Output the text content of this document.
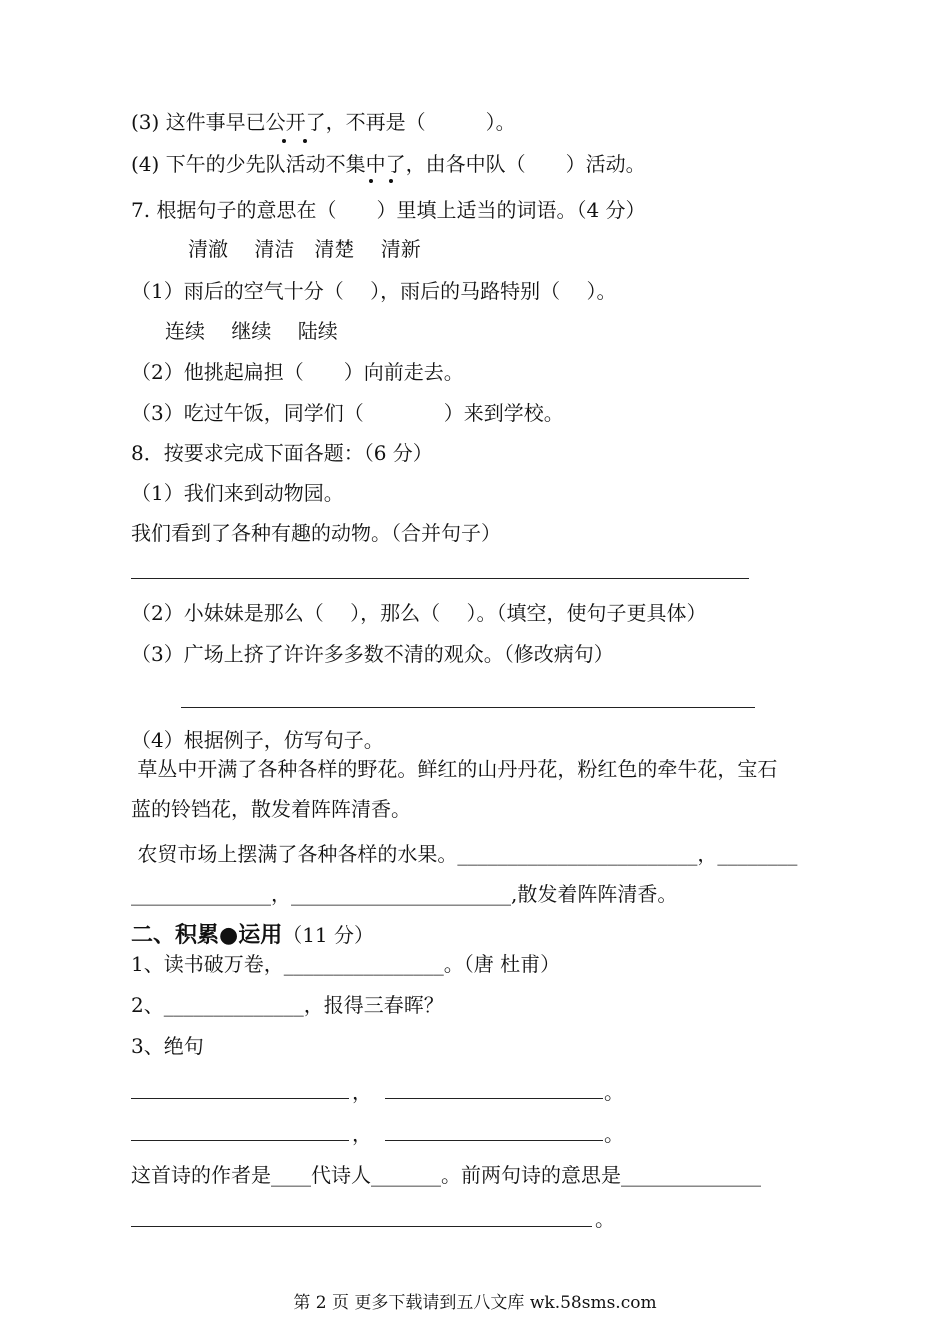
(3) 这件事早已公开了，不再是（　　　）。
(4) 下午的少先队活动不集中了，由各中队（　　）活动。
7. 根据句子的意思在（　　）里填上适当的词语。（4 分）
清澈　 清洁　清楚　 清新
（1）雨后的空气十分（　 ），雨后的马路特别（　 ）。
连续　 继续　 陆续
（2）他挑起扁担（　　）向前走去。
（3）吃过午饭，同学们（　　　　）来到学校。
8．按要求完成下面各题：（6 分）
（1）我们来到动物园。
我们看到了各种有趣的动物。（合并句子）
（2）小妹妹是那么（　 ），那么（　 ）。（填空，使句子更具体）
（3）广场上挤了许许多多数不清的观众。（修改病句）
（4）根据例子，仿写句子。
草丛中开满了各种各样的野花。鲜红的山丹丹花，粉红色的牵牛花，宝石
蓝的铃铛花，散发着阵阵清香。
农贸市场上摆满了各种各样的水果。________________________，________
______________，______________________,散发着阵阵清香。
二、积累●运用（11 分）
1、读书破万卷，________________。（唐 杜甫）
2、______________，报得三春晖？
3、绝句
，	。
，	。
这首诗的作者是____代诗人_______。前两句诗的意思是______________
。
第 2 页 更多下载请到五八文库 wk.58sms.com
